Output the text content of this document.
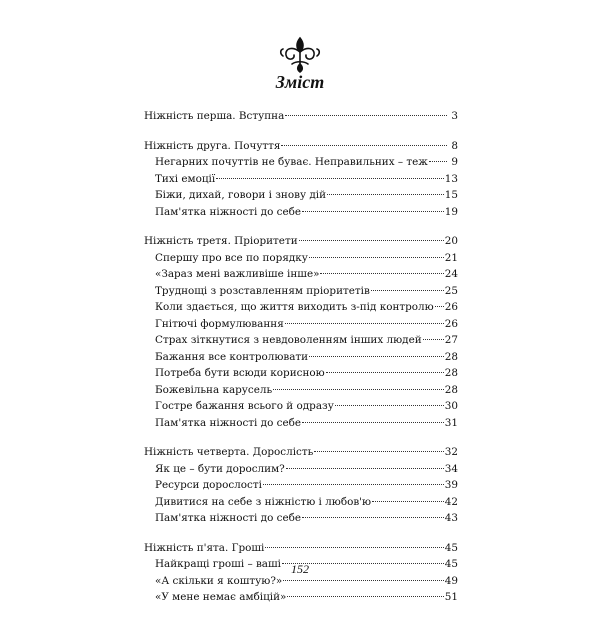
Зміст
Ніжність перша. Вступна	3
Ніжність друга. Почуття	8
Негарних почуттів не буває. Неправильних – теж	9
Тихі емоції	13
Біжи, дихай, говори і знову дій	15
Пам'ятка ніжності до себе	19
Ніжність третя. Пріоритети	20
Спершу про все по порядку	21
«Зараз мені важливіше інше»	24
Труднощі з розставленням пріоритетів	25
Коли здається, що життя виходить з-під контролю 26
Гнітючі формулювання	26
Страх зіткнутися з невдоволенням інших людей 27
Бажання все контролювати	28
Потреба бути всюди корисною	28
Божевільна карусель	28
Гостре бажання всього й одразу	30
Пам'ятка ніжності до себе	31
Ніжність четверта. Дорослість	32
Як це – бути дорослим?	34
Ресурси дорослості	39
Дивитися на себе з ніжністю і любов'ю	42
Пам'ятка ніжності до себе	43
Ніжність п'ята. Гроші	45
Найкращі гроші – ваші	45
«А скільки я коштую?»	49
«У мене немає амбіцій»	51
152
